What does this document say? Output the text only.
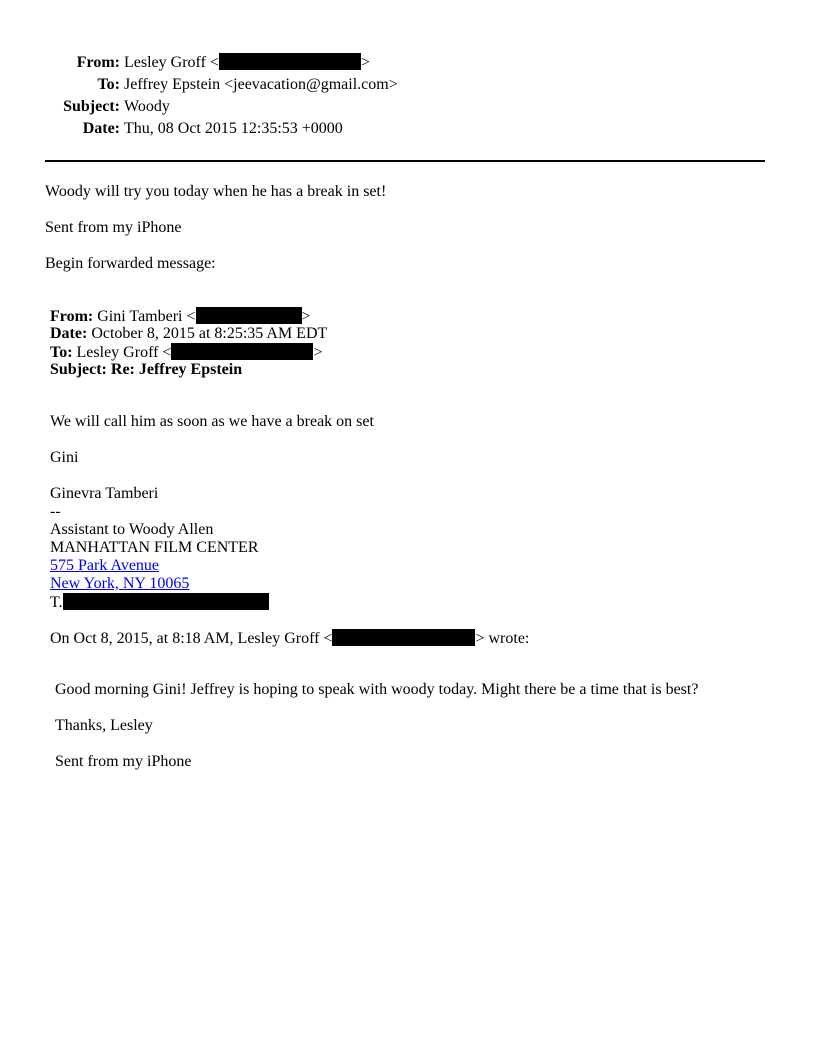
From: Lesley Groff <	>
To: Jeffrey Epstein <jeevacation@gmail.com>
Subject: Woody
Date: Thu, 08 Oct 2015 12:35:53 +0000
Woody will try you today when he has a break in set!
Sent from my iPhone
Begin forwarded message:
From: Gini Tamberi <	>
Date: October 8, 2015 at 8:25:35 AM EDT
To: Lesley Groff <	>
Subject: Re: Jeffrey Epstein
We will call him as soon as we have a break on set
Gini
Ginevra Tamberi
--
Assistant to Woody Allen
MANHATTAN FILM CENTER
575 Park Avenue
New York, NY 10065
T.
On Oct 8, 2015, at 8:18 AM, Lesley Groff <	> wrote:
Good morning Gini! Jeffrey is hoping to speak with woody today. Might there be a time that is best?
Thanks, Lesley
Sent from my iPhone
